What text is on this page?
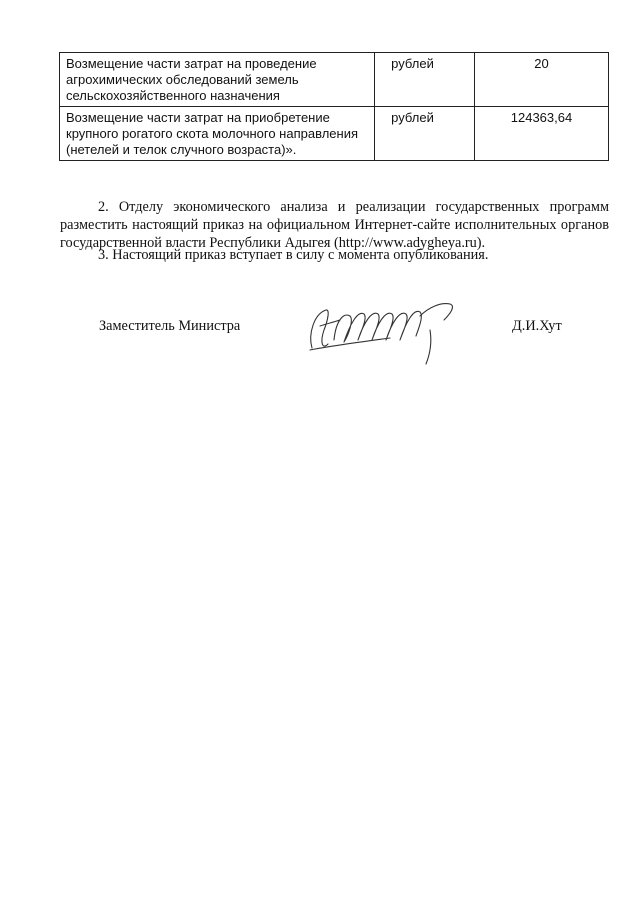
Возмещение части затрат на проведение агрохимических обследований земель сельскохозяйственного назначения	рублей	20
Возмещение части затрат на приобретение крупного рогатого скота молочного направления (нетелей и телок случного возраста)».	рублей	124363,64

2. Отделу экономического анализа и реализации государственных программ разместить настоящий приказ на официальном Интернет-сайте исполнительных органов государственной власти Республики Адыгея (http://www.adygheya.ru).

3. Настоящий приказ вступает в силу с момента опубликования.

Заместитель Министра	Д.И.Хут
